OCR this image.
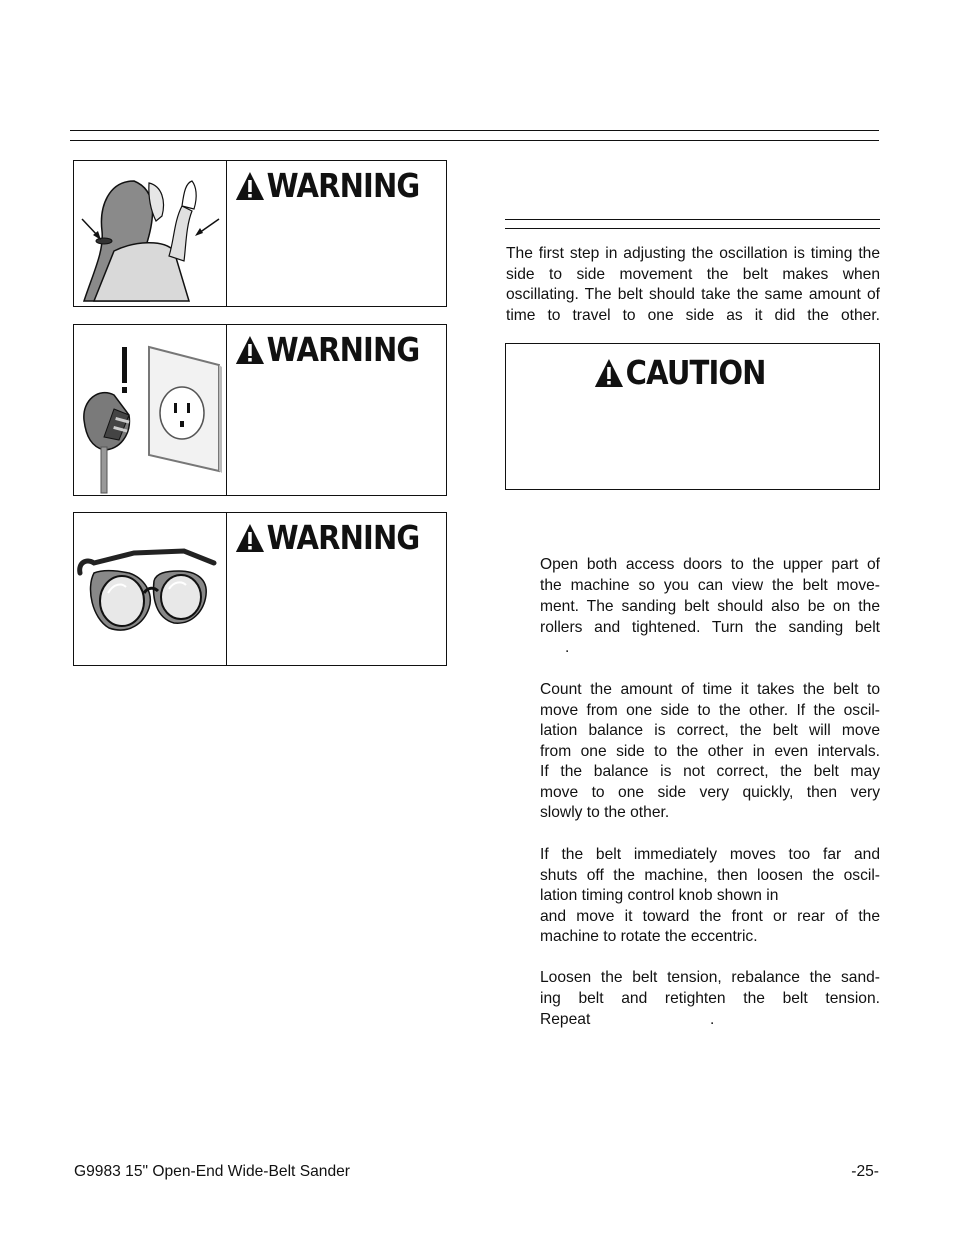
WARNING
WARNING
WARNING
The first step in adjusting the oscillation is timing the side to side movement the belt makes when oscillating. The belt should take the same amount of time to travel to one side as it did the other.
CAUTION
Open both access doors to the upper part of
the machine so you can view the belt move-
ment. The sanding belt should also be on the
rollers and tightened. Turn the sanding belt
.
Count the amount of time it takes the belt to
move from one side to the other. If the oscil-
lation balance is correct, the belt will move
from one side to the other in even intervals.
If the balance is not correct, the belt may
move to one side very quickly, then very
slowly to the other.
If the belt immediately moves too far and
shuts off the machine, then loosen the oscil-
lation timing control knob shown in
and move it toward the front or rear of the
machine to rotate the eccentric.
Loosen the belt tension, rebalance the sand-
ing belt and retighten the belt tension.
Repeat	.
G9983 15" Open-End Wide-Belt Sander	-25-
